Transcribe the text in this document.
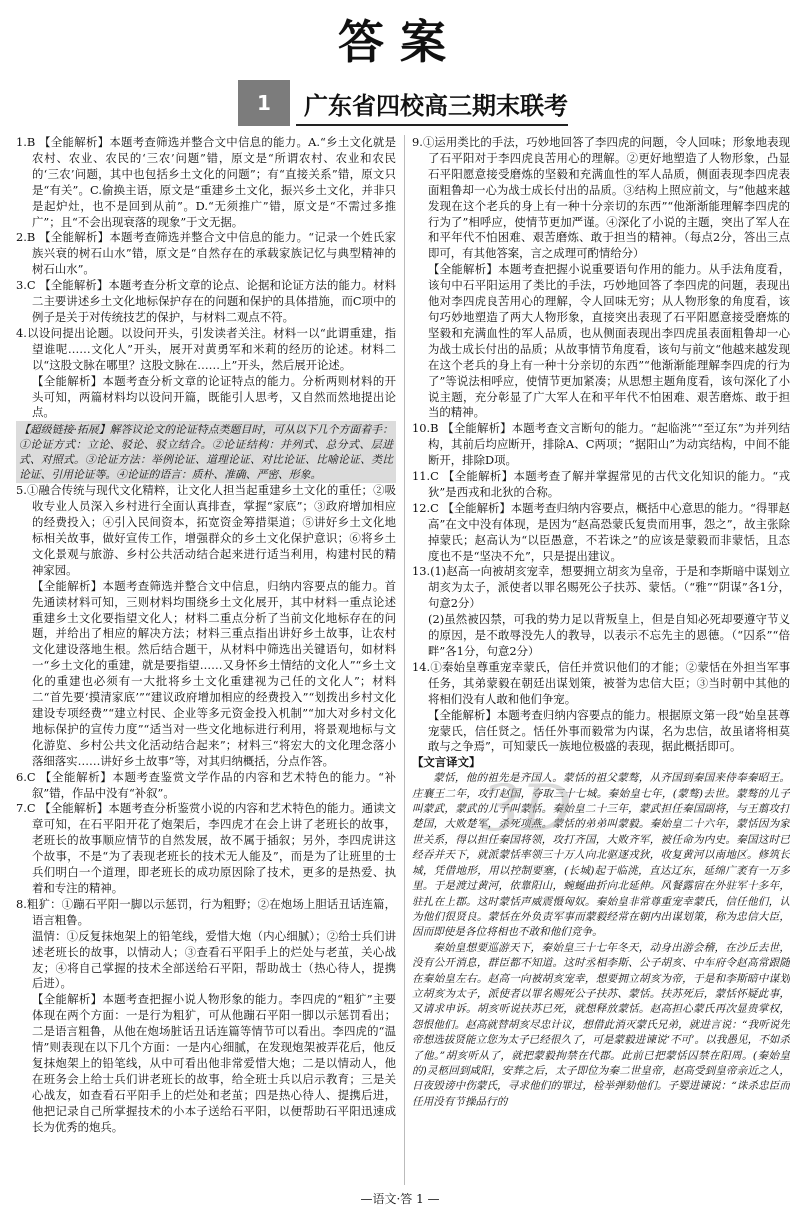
答案
1	广东省四校高三期末联考

1.B 【全能解析】本题考查筛选并整合文中信息的能力。A.“乡土文化就是农村、农业、农民的‘三农’问题”错，原文是“所谓农村、农业和农民的‘三农’问题，其中也包括乡土文化的问题”；有“直接关系”错，原文只是“有关”。C.偷换主语，原文是“重建乡土文化，振兴乡土文化，并非只是起炉灶，也不是回到从前”。D.“无须推广”错，原文是“不需过多推广”；且“不会出现衰落的现象”于文无据。

2.B 【全能解析】本题考查筛选并整合文中信息的能力。“记录一个姓氏家族兴衰的树石山水”错，原文是“自然存在的承载家族记忆与典型精神的树石山水”。

3.C 【全能解析】本题考查分析文章的论点、论据和论证方法的能力。材料二主要讲述乡土文化地标保护存在的问题和保护的具体措施，而C项中的例子是关于对传统技艺的保护，与材料二观点不符。

4.以设问提出论题。以设问开头，引发读者关注。材料一以“此谓重建，指望谁呢……文化人”开头，展开对黄勇军和米莉的经历的论述。材料二以“这股文脉在哪里？这股文脉在……上”开头，然后展开论述。

【全能解析】本题考查分析文章的论证特点的能力。分析两则材料的开头可知，两篇材料均以设问开篇，既能引人思考，又自然而然地提出论点。

【超级链接·拓展】解答议论文的论证特点类题目时，可从以下几个方面着手：①论证方式：立论、驳论、驳立结合。②论证结构：并列式、总分式、层进式、对照式。③论证方法：举例论证、道理论证、对比论证、比喻论证、类比论证、引用论证等。④论证的语言：质朴、准确、严密、形象。

5.①融合传统与现代文化精粹，让文化人担当起重建乡土文化的重任；②吸收专业人员深入乡村进行全面认真排查，掌握“家底”；③政府增加相应的经费投入；④引入民间资本，拓宽资金筹措渠道；⑤讲好乡土文化地标相关故事，做好宣传工作，增强群众的乡土文化保护意识；⑥将乡土文化景观与旅游、乡村公共活动结合起来进行适当利用，构建村民的精神家园。

【全能解析】本题考查筛选并整合文中信息，归纳内容要点的能力。首先通读材料可知，三则材料均围绕乡土文化展开，其中材料一重点论述重建乡土文化要指望文化人；材料二重点分析了当前文化地标存在的问题，并给出了相应的解决方法；材料三重点指出讲好乡土故事，让农村文化建设落地生根。然后结合题干，从材料中筛选出关键语句，如材料一“乡土文化的重建，就是要指望……又身怀乡土情结的文化人”“乡土文化的重建也必须有一大批将乡土文化重建视为己任的文化人”；材料二“首先要‘摸清家底’”“建议政府增加相应的经费投入”“划拨出乡村文化建设专项经费”“建立村民、企业等多元资金投入机制”“加大对乡村文化地标保护的宣传力度”“适当对一些文化地标进行利用，将景观地标与文化游览、乡村公共文化活动结合起来”；材料三“将宏大的文化理念落小落细落实……讲好乡土故事”等，对其归纳概括，分点作答。

6.C 【全能解析】本题考查鉴赏文学作品的内容和艺术特色的能力。“补叙”错，作品中没有“补叙”。

7.C 【全能解析】本题考查分析鉴赏小说的内容和艺术特色的能力。通读文章可知，在石平阳开花了炮架后，李四虎才在会上讲了老班长的故事，老班长的故事顺应情节的自然发展，故不属于插叙；另外，李四虎讲这个故事，不是“为了表现老班长的技术无人能及”，而是为了让班里的士兵们明白一个道理，即老班长的成功原因除了技术，更多的是热爱、执着和专注的精神。

8.粗犷：①蹦石平阳一脚以示惩罚，行为粗野；②在炮场上胆话丑话连篇，语言粗鲁。

温情：①反复抹炮架上的铅笔线，爱惜大炮（内心细腻）；②给士兵们讲述老班长的故事，以情动人；③查看石平阳手上的烂处与老茧，关心战友；④将自己掌握的技术全部送给石平阳，帮助战士（热心待人，提携后进）。

【全能解析】本题考查把握小说人物形象的能力。李四虎的“粗犷”主要体现在两个方面：一是行为粗犷，可从他蹦石平阳一脚以示惩罚看出；二是语言粗鲁，从他在炮场脏话丑话连篇等情节可以看出。李四虎的“温情”则表现在以下几个方面：一是内心细腻，在发现炮架被弄花后，他反复抹炮架上的铅笔线，从中可看出他非常爱惜大炮；二是以情动人，他在班务会上给士兵们讲老班长的故事，给全班士兵以启示教育；三是关心战友，如查看石平阳手上的烂处和老茧；四是热心待人、提携后进，他把记录自己所掌握技术的小本子送给石平阳，以便帮助石平阳迅速成长为优秀的炮兵。

9.①运用类比的手法，巧妙地回答了李四虎的问题，令人回味；形象地表现了石平阳对于李四虎良苦用心的理解。②更好地塑造了人物形象，凸显石平阳愿意接受磨炼的坚毅和充满血性的军人品质，侧面表现李四虎表面粗鲁却一心为战士成长付出的品质。③结构上照应前文，与“他越来越发现在这个老兵的身上有一种十分亲切的东西”“他渐渐能理解李四虎的行为了”相呼应，使情节更加严谨。④深化了小说的主题，突出了军人在和平年代不怕困难、艰苦磨炼、敢于担当的精神。（每点2分，答出三点即可，有其他答案，言之成理可酌情给分）

【全能解析】本题考查把握小说重要语句作用的能力。从手法角度看，该句中石平阳运用了类比的手法，巧妙地回答了李四虎的问题，表现出他对李四虎良苦用心的理解，令人回味无穷；从人物形象的角度看，该句巧妙地塑造了两大人物形象，直接突出表现了石平阳愿意接受磨炼的坚毅和充满血性的军人品质，也从侧面表现出李四虎虽表面粗鲁却一心为战士成长付出的品质；从故事情节角度看，该句与前文“他越来越发现在这个老兵的身上有一种十分亲切的东西”“他渐渐能理解李四虎的行为了”等说法相呼应，使情节更加紧凑；从思想主题角度看，该句深化了小说主题，充分彰显了广大军人在和平年代不怕困难、艰苦磨炼、敢于担当的精神。

10.B 【全能解析】本题考查文言断句的能力。“起临洮”“至辽东”为并列结构，其前后均应断开，排除A、C两项；“据阳山”为动宾结构，中间不能断开，排除D项。

11.C 【全能解析】本题考查了解并掌握常见的古代文化知识的能力。“戎狄”是西戎和北狄的合称。

12.C 【全能解析】本题考查归纳内容要点，概括中心意思的能力。“得罪赵高”在文中没有体现，是因为“赵高恐蒙氏复贵而用事，怨之”，故主张除掉蒙氏；赵高认为“以臣愚意，不若诛之”的应该是蒙毅而非蒙恬，且态度也不是“坚决不允”，只是提出建议。

13.(1)赵高一向被胡亥宠幸，想要拥立胡亥为皇帝，于是和李斯暗中谋划立胡亥为太子，派使者以罪名赐死公子扶苏、蒙恬。（“雅”“阴谋”各1分，句意2分）

(2)虽然被囚禁，可我的势力足以背叛皇上，但是自知必死却要遵守节义的原因，是不敢辱没先人的教导，以表示不忘先主的恩德。（“囚系”“倍畔”各1分，句意2分）

14.①秦始皇尊重宠幸蒙氏，信任并赏识他们的才能；②蒙恬在外担当军事任务，其弟蒙毅在朝廷出谋划策，被誉为忠信大臣；③当时朝中其他的将相们没有人敢和他们争宠。

【全能解析】本题考查归纳内容要点的能力。根据原文第一段“始皇甚尊宠蒙氏，信任贤之。恬任外事而毅常为内谋，名为忠信，故虽诸将相莫敢与之争焉”，可知蒙氏一族地位极盛的表现，据此概括即可。

【文言译文】

蒙恬，他的祖先是齐国人。蒙恬的祖父蒙骜，从齐国到秦国来侍奉秦昭王。庄襄王二年，攻打赵国，夺取三十七城。秦始皇七年，(蒙骜)去世。蒙骜的儿子叫蒙武，蒙武的儿子叫蒙恬。秦始皇二十三年，蒙武担任秦国副将，与王翦攻打楚国，大败楚军，杀死项燕。蒙恬的弟弟叫蒙毅。秦始皇二十六年，蒙恬因为家世关系，得以担任秦国将领，攻打齐国，大败齐军，被任命为内史。秦国这时已经吞并天下，就派蒙恬率领三十万人向北驱逐戎狄，收复黄河以南地区。修筑长城，凭借地形，用以控制要塞，(长城)起于临洮，直达辽东，延绵广袤有一万多里。于是渡过黄河，依靠阳山，蜿蜒曲折向北延伸。风餐露宿在外驻军十多年，驻扎在上郡。这时蒙恬声威震慑匈奴。秦始皇非常尊重宠幸蒙氏，信任他们，认为他们很贤良。蒙恬在外负责军事而蒙毅经常在朝内出谋划策，称为忠信大臣，因而即使是各位将相也不敢和他们竞争。

秦始皇想要巡游天下，秦始皇三十七年冬天，动身出游会稽，在沙丘去世，没有公开消息，群臣都不知道。这时丞相李斯、公子胡亥、中车府令赵高常跟随在秦始皇左右。赵高一向被胡亥宠幸，想要拥立胡亥为帝，于是和李斯暗中谋划立胡亥为太子，派使者以罪名赐死公子扶苏、蒙恬。扶苏死后，蒙恬怀疑此事，又请求申诉。胡亥听说扶苏已死，就想释放蒙恬。赵高担心蒙氏再次显贵掌权，怨恨他们。赵高就替胡亥尽忠计议，想借此消灭蒙氏兄弟，就进言说：“我听说先帝想选拔贤能立您为太子已经很久了，可是蒙毅进谏说‘不可’。以我愚见，不如杀了他。”胡亥听从了，就把蒙毅拘禁在代郡。此前已把蒙恬囚禁在阳周。(秦始皇的)灵柩回到咸阳，安葬之后，太子即位为秦二世皇帝，赵高受到皇帝亲近之人，日夜毁谤中伤蒙氏，寻求他们的罪过，检举弹劾他们。子婴进谏说：“诛杀忠臣而任用没有节操品行的

3D
—语文·答 1 —
